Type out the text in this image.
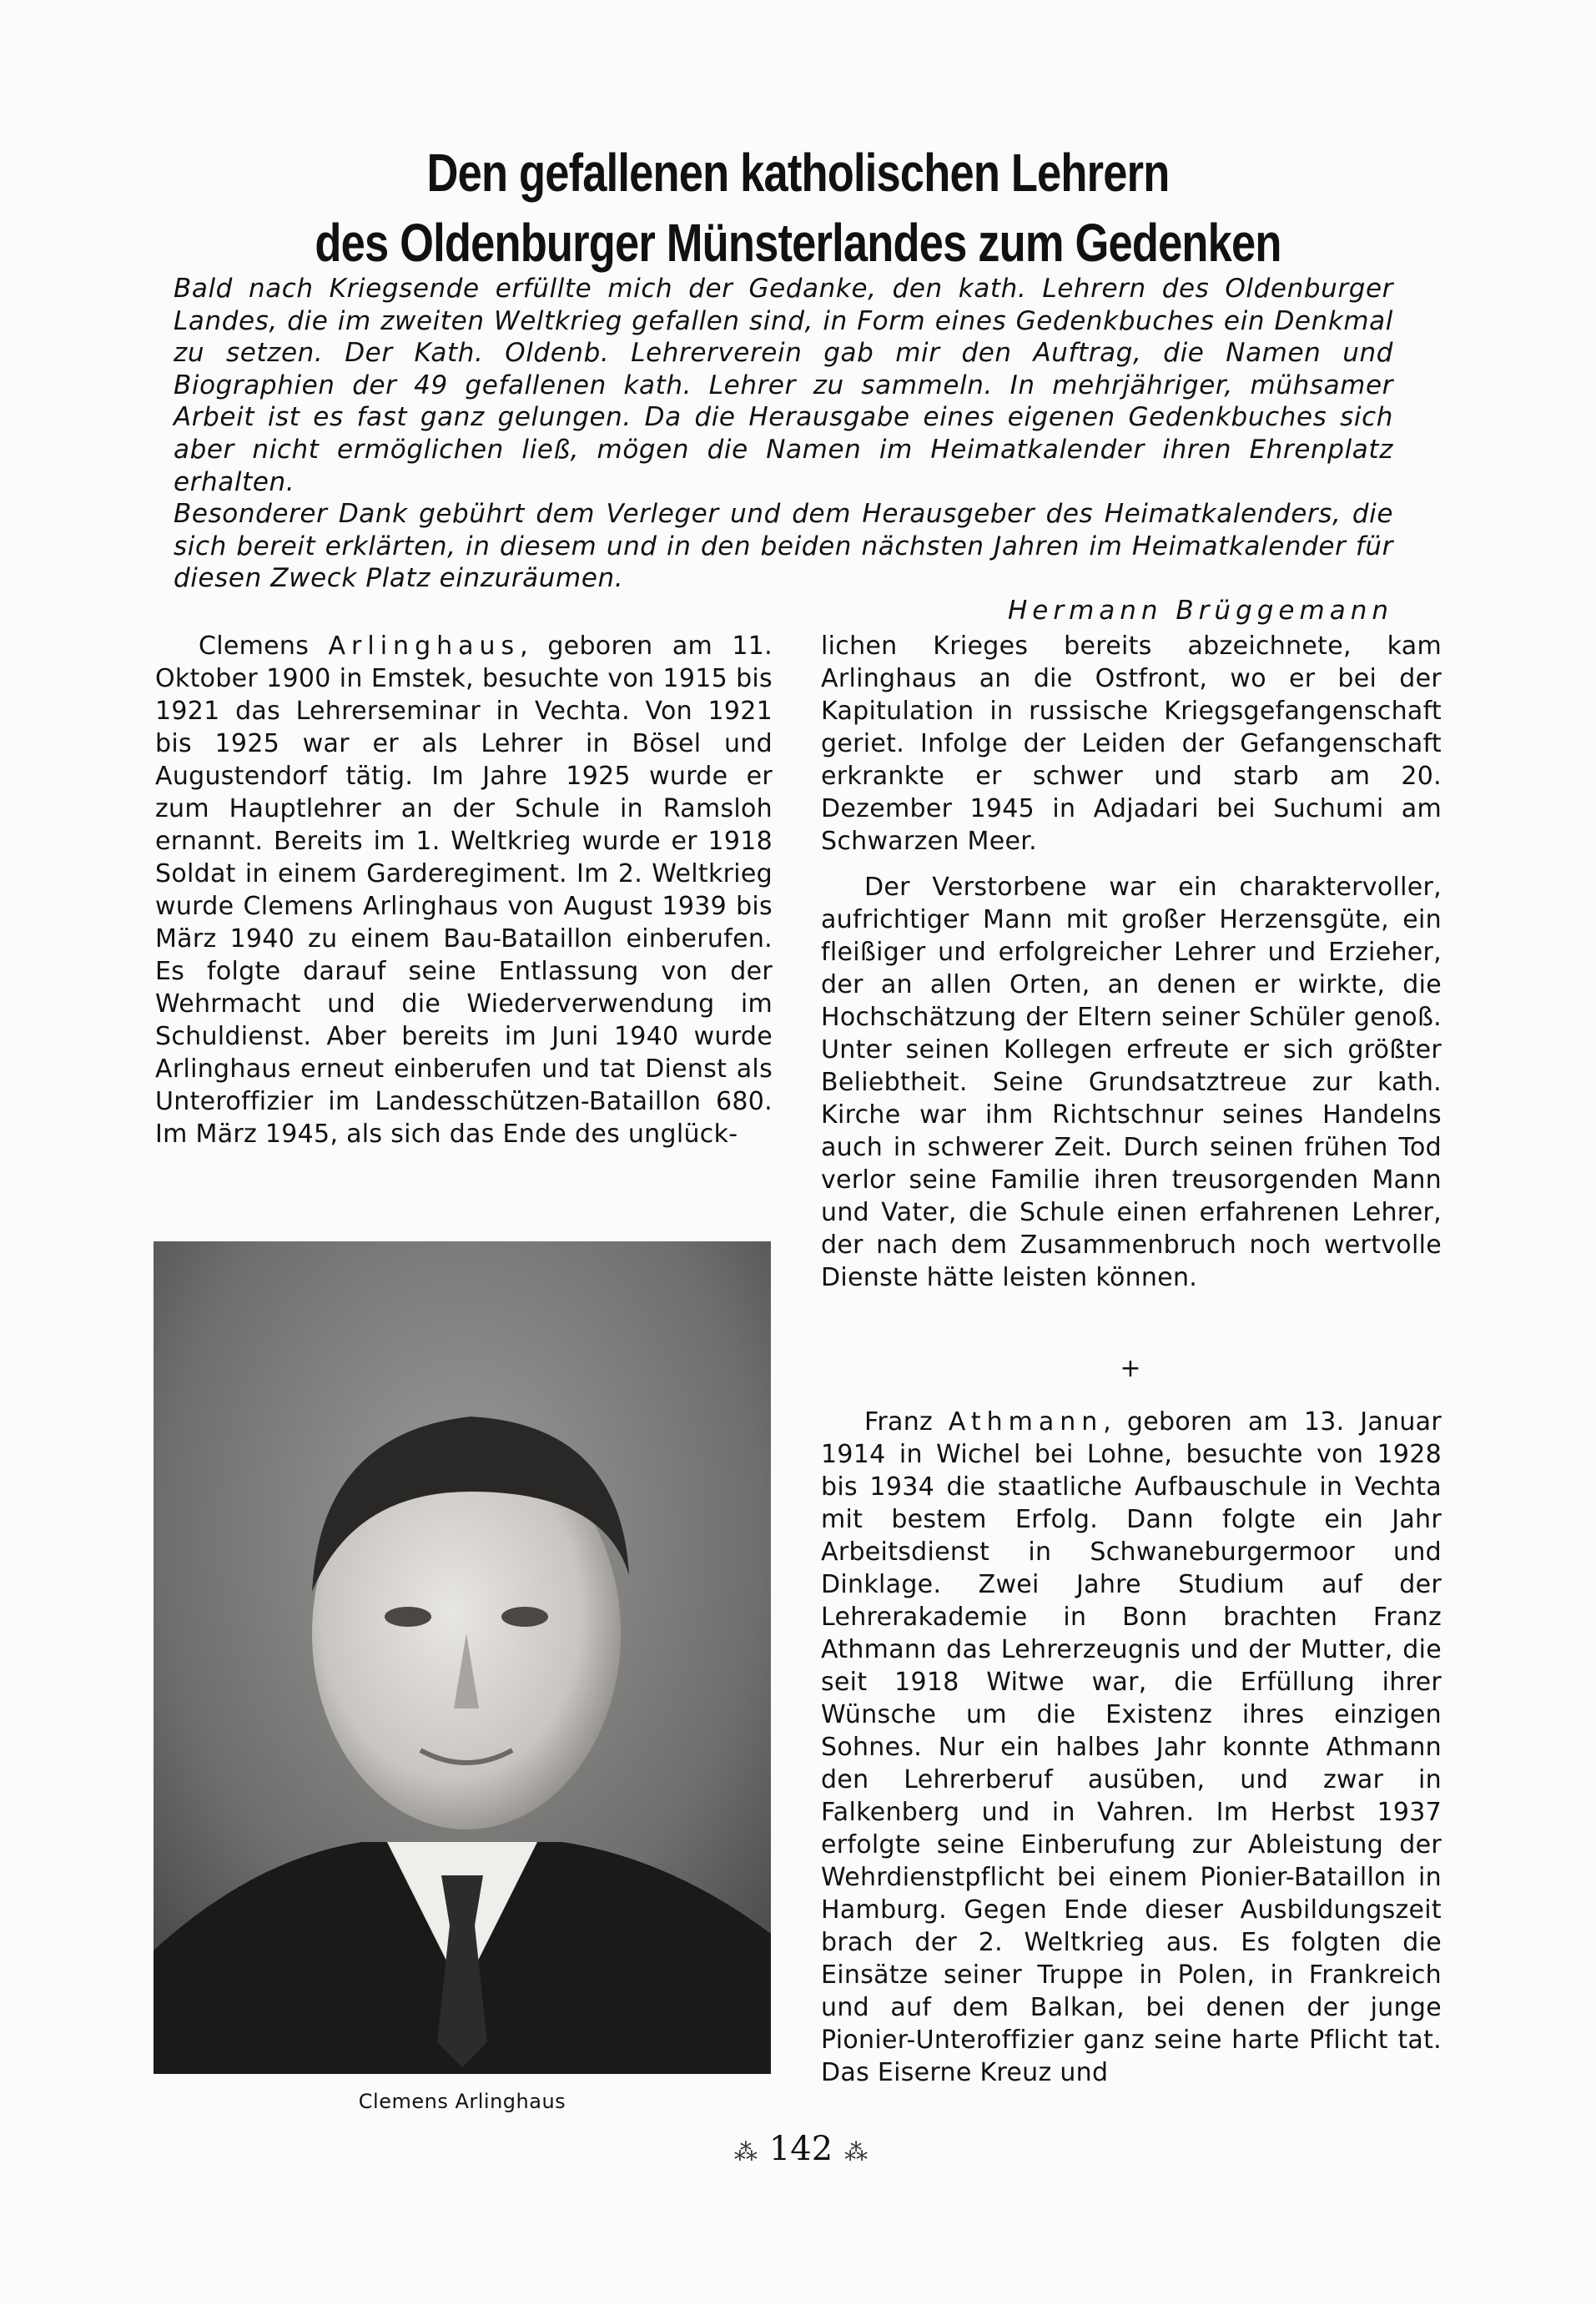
Den gefallenen katholischen Lehrern
des Oldenburger Münsterlandes zum Gedenken

Bald nach Kriegsende erfüllte mich der Gedanke, den kath. Lehrern des Oldenburger Landes, die im zweiten Weltkrieg gefallen sind, in Form eines Gedenkbuches ein Denkmal zu setzen. Der Kath. Oldenb. Lehrerverein gab mir den Auftrag, die Namen und Biographien der 49 gefallenen kath. Lehrer zu sammeln. In mehrjähriger, mühsamer Arbeit ist es fast ganz gelungen. Da die Herausgabe eines eigenen Gedenkbuches sich aber nicht ermöglichen ließ, mögen die Namen im Heimatkalender ihren Ehrenplatz erhalten.

Besonderer Dank gebührt dem Verleger und dem Herausgeber des Heimatkalenders, die sich bereit erklärten, in diesem und in den beiden nächsten Jahren im Heimatkalender für diesen Zweck Platz einzuräumen.

Hermann Brüggemann

Clemens Arlinghaus, geboren am 11. Oktober 1900 in Emstek, besuchte von 1915 bis 1921 das Lehrerseminar in Vechta. Von 1921 bis 1925 war er als Lehrer in Bösel und Augustendorf tätig. Im Jahre 1925 wurde er zum Hauptlehrer an der Schule in Ramsloh ernannt. Bereits im 1. Weltkrieg wurde er 1918 Soldat in einem Garderegiment. Im 2. Weltkrieg wurde Clemens Arlinghaus von August 1939 bis März 1940 zu einem Bau-Bataillon einberufen. Es folgte darauf seine Entlassung von der Wehrmacht und die Wiederverwendung im Schuldienst. Aber bereits im Juni 1940 wurde Arlinghaus erneut einberufen und tat Dienst als Unteroffizier im Landesschützen-Bataillon 680. Im März 1945, als sich das Ende des unglück-

Clemens Arlinghaus

lichen Krieges bereits abzeichnete, kam Arlinghaus an die Ostfront, wo er bei der Kapitulation in russische Kriegsgefangenschaft geriet. Infolge der Leiden der Gefangenschaft erkrankte er schwer und starb am 20. Dezember 1945 in Adjadari bei Suchumi am Schwarzen Meer.

Der Verstorbene war ein charaktervoller, aufrichtiger Mann mit großer Herzensgüte, ein fleißiger und erfolgreicher Lehrer und Erzieher, der an allen Orten, an denen er wirkte, die Hochschätzung der Eltern seiner Schüler genoß. Unter seinen Kollegen erfreute er sich größter Beliebtheit. Seine Grundsatztreue zur kath. Kirche war ihm Richtschnur seines Handelns auch in schwerer Zeit. Durch seinen frühen Tod verlor seine Familie ihren treusorgenden Mann und Vater, die Schule einen erfahrenen Lehrer, der nach dem Zusammenbruch noch wertvolle Dienste hätte leisten können.

+

Franz Athmann, geboren am 13. Januar 1914 in Wichel bei Lohne, besuchte von 1928 bis 1934 die staatliche Aufbauschule in Vechta mit bestem Erfolg. Dann folgte ein Jahr Arbeitsdienst in Schwaneburgermoor und Dinklage. Zwei Jahre Studium auf der Lehrerakademie in Bonn brachten Franz Athmann das Lehrerzeugnis und der Mutter, die seit 1918 Witwe war, die Erfüllung ihrer Wünsche um die Existenz ihres einzigen Sohnes. Nur ein halbes Jahr konnte Athmann den Lehrerberuf ausüben, und zwar in Falkenberg und in Vahren. Im Herbst 1937 erfolgte seine Einberufung zur Ableistung der Wehrdienstpflicht bei einem Pionier-Bataillon in Hamburg. Gegen Ende dieser Ausbildungszeit brach der 2. Weltkrieg aus. Es folgten die Einsätze seiner Truppe in Polen, in Frankreich und auf dem Balkan, bei denen der junge Pionier-Unteroffizier ganz seine harte Pflicht tat. Das Eiserne Kreuz und

⁂ 142 ⁂
